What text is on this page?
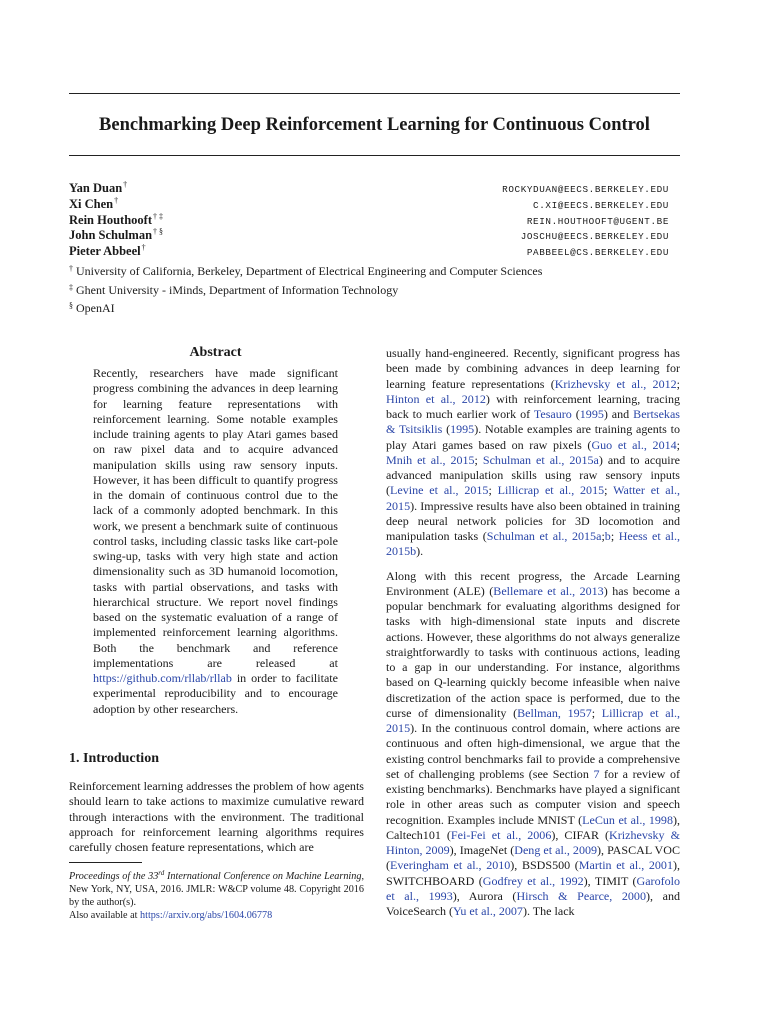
Benchmarking Deep Reinforcement Learning for Continuous Control
Yan Duan†	ROCKYDUAN@EECS.BERKELEY.EDU
Xi Chen†	C.XI@EECS.BERKELEY.EDU
Rein Houthooft† ‡	REIN.HOUTHOOFT@UGENT.BE
John Schulman† §	JOSCHU@EECS.BERKELEY.EDU
Pieter Abbeel†	PABBEEL@CS.BERKELEY.EDU
† University of California, Berkeley, Department of Electrical Engineering and Computer Sciences
‡ Ghent University - iMinds, Department of Information Technology
§ OpenAI

Abstract

Recently, researchers have made significant progress combining the advances in deep learning for learning feature representations with reinforcement learning. Some notable examples include training agents to play Atari games based on raw pixel data and to acquire advanced manipulation skills using raw sensory inputs. However, it has been difficult to quantify progress in the domain of continuous control due to the lack of a commonly adopted benchmark. In this work, we present a benchmark suite of continuous control tasks, including classic tasks like cart-pole swing-up, tasks with very high state and action dimensionality such as 3D humanoid locomotion, tasks with partial observations, and tasks with hierarchical structure. We report novel findings based on the systematic evaluation of a range of implemented reinforcement learning algorithms. Both the benchmark and reference implementations are released at https://github.com/rllab/rllab in order to facilitate experimental reproducibility and to encourage adoption by other researchers.

1. Introduction

Reinforcement learning addresses the problem of how agents should learn to take actions to maximize cumulative reward through interactions with the environment. The traditional approach for reinforcement learning algorithms requires carefully chosen feature representations, which are

Proceedings of the 33rd International Conference on Machine Learning, New York, NY, USA, 2016. JMLR: W&CP volume 48. Copyright 2016 by the author(s).
Also available at https://arxiv.org/abs/1604.06778

usually hand-engineered. Recently, significant progress has been made by combining advances in deep learning for learning feature representations (Krizhevsky et al., 2012; Hinton et al., 2012) with reinforcement learning, tracing back to much earlier work of Tesauro (1995) and Bertsekas & Tsitsiklis (1995). Notable examples are training agents to play Atari games based on raw pixels (Guo et al., 2014; Mnih et al., 2015; Schulman et al., 2015a) and to acquire advanced manipulation skills using raw sensory inputs (Levine et al., 2015; Lillicrap et al., 2015; Watter et al., 2015). Impressive results have also been obtained in training deep neural network policies for 3D locomotion and manipulation tasks (Schulman et al., 2015a;b; Heess et al., 2015b).

Along with this recent progress, the Arcade Learning Environment (ALE) (Bellemare et al., 2013) has become a popular benchmark for evaluating algorithms designed for tasks with high-dimensional state inputs and discrete actions. However, these algorithms do not always generalize straightforwardly to tasks with continuous actions, leading to a gap in our understanding. For instance, algorithms based on Q-learning quickly become infeasible when naive discretization of the action space is performed, due to the curse of dimensionality (Bellman, 1957; Lillicrap et al., 2015). In the continuous control domain, where actions are continuous and often high-dimensional, we argue that the existing control benchmarks fail to provide a comprehensive set of challenging problems (see Section 7 for a review of existing benchmarks). Benchmarks have played a significant role in other areas such as computer vision and speech recognition. Examples include MNIST (LeCun et al., 1998), Caltech101 (Fei-Fei et al., 2006), CIFAR (Krizhevsky & Hinton, 2009), ImageNet (Deng et al., 2009), PASCAL VOC (Everingham et al., 2010), BSDS500 (Martin et al., 2001), SWITCHBOARD (Godfrey et al., 1992), TIMIT (Garofolo et al., 1993), Aurora (Hirsch & Pearce, 2000), and VoiceSearch (Yu et al., 2007). The lack
